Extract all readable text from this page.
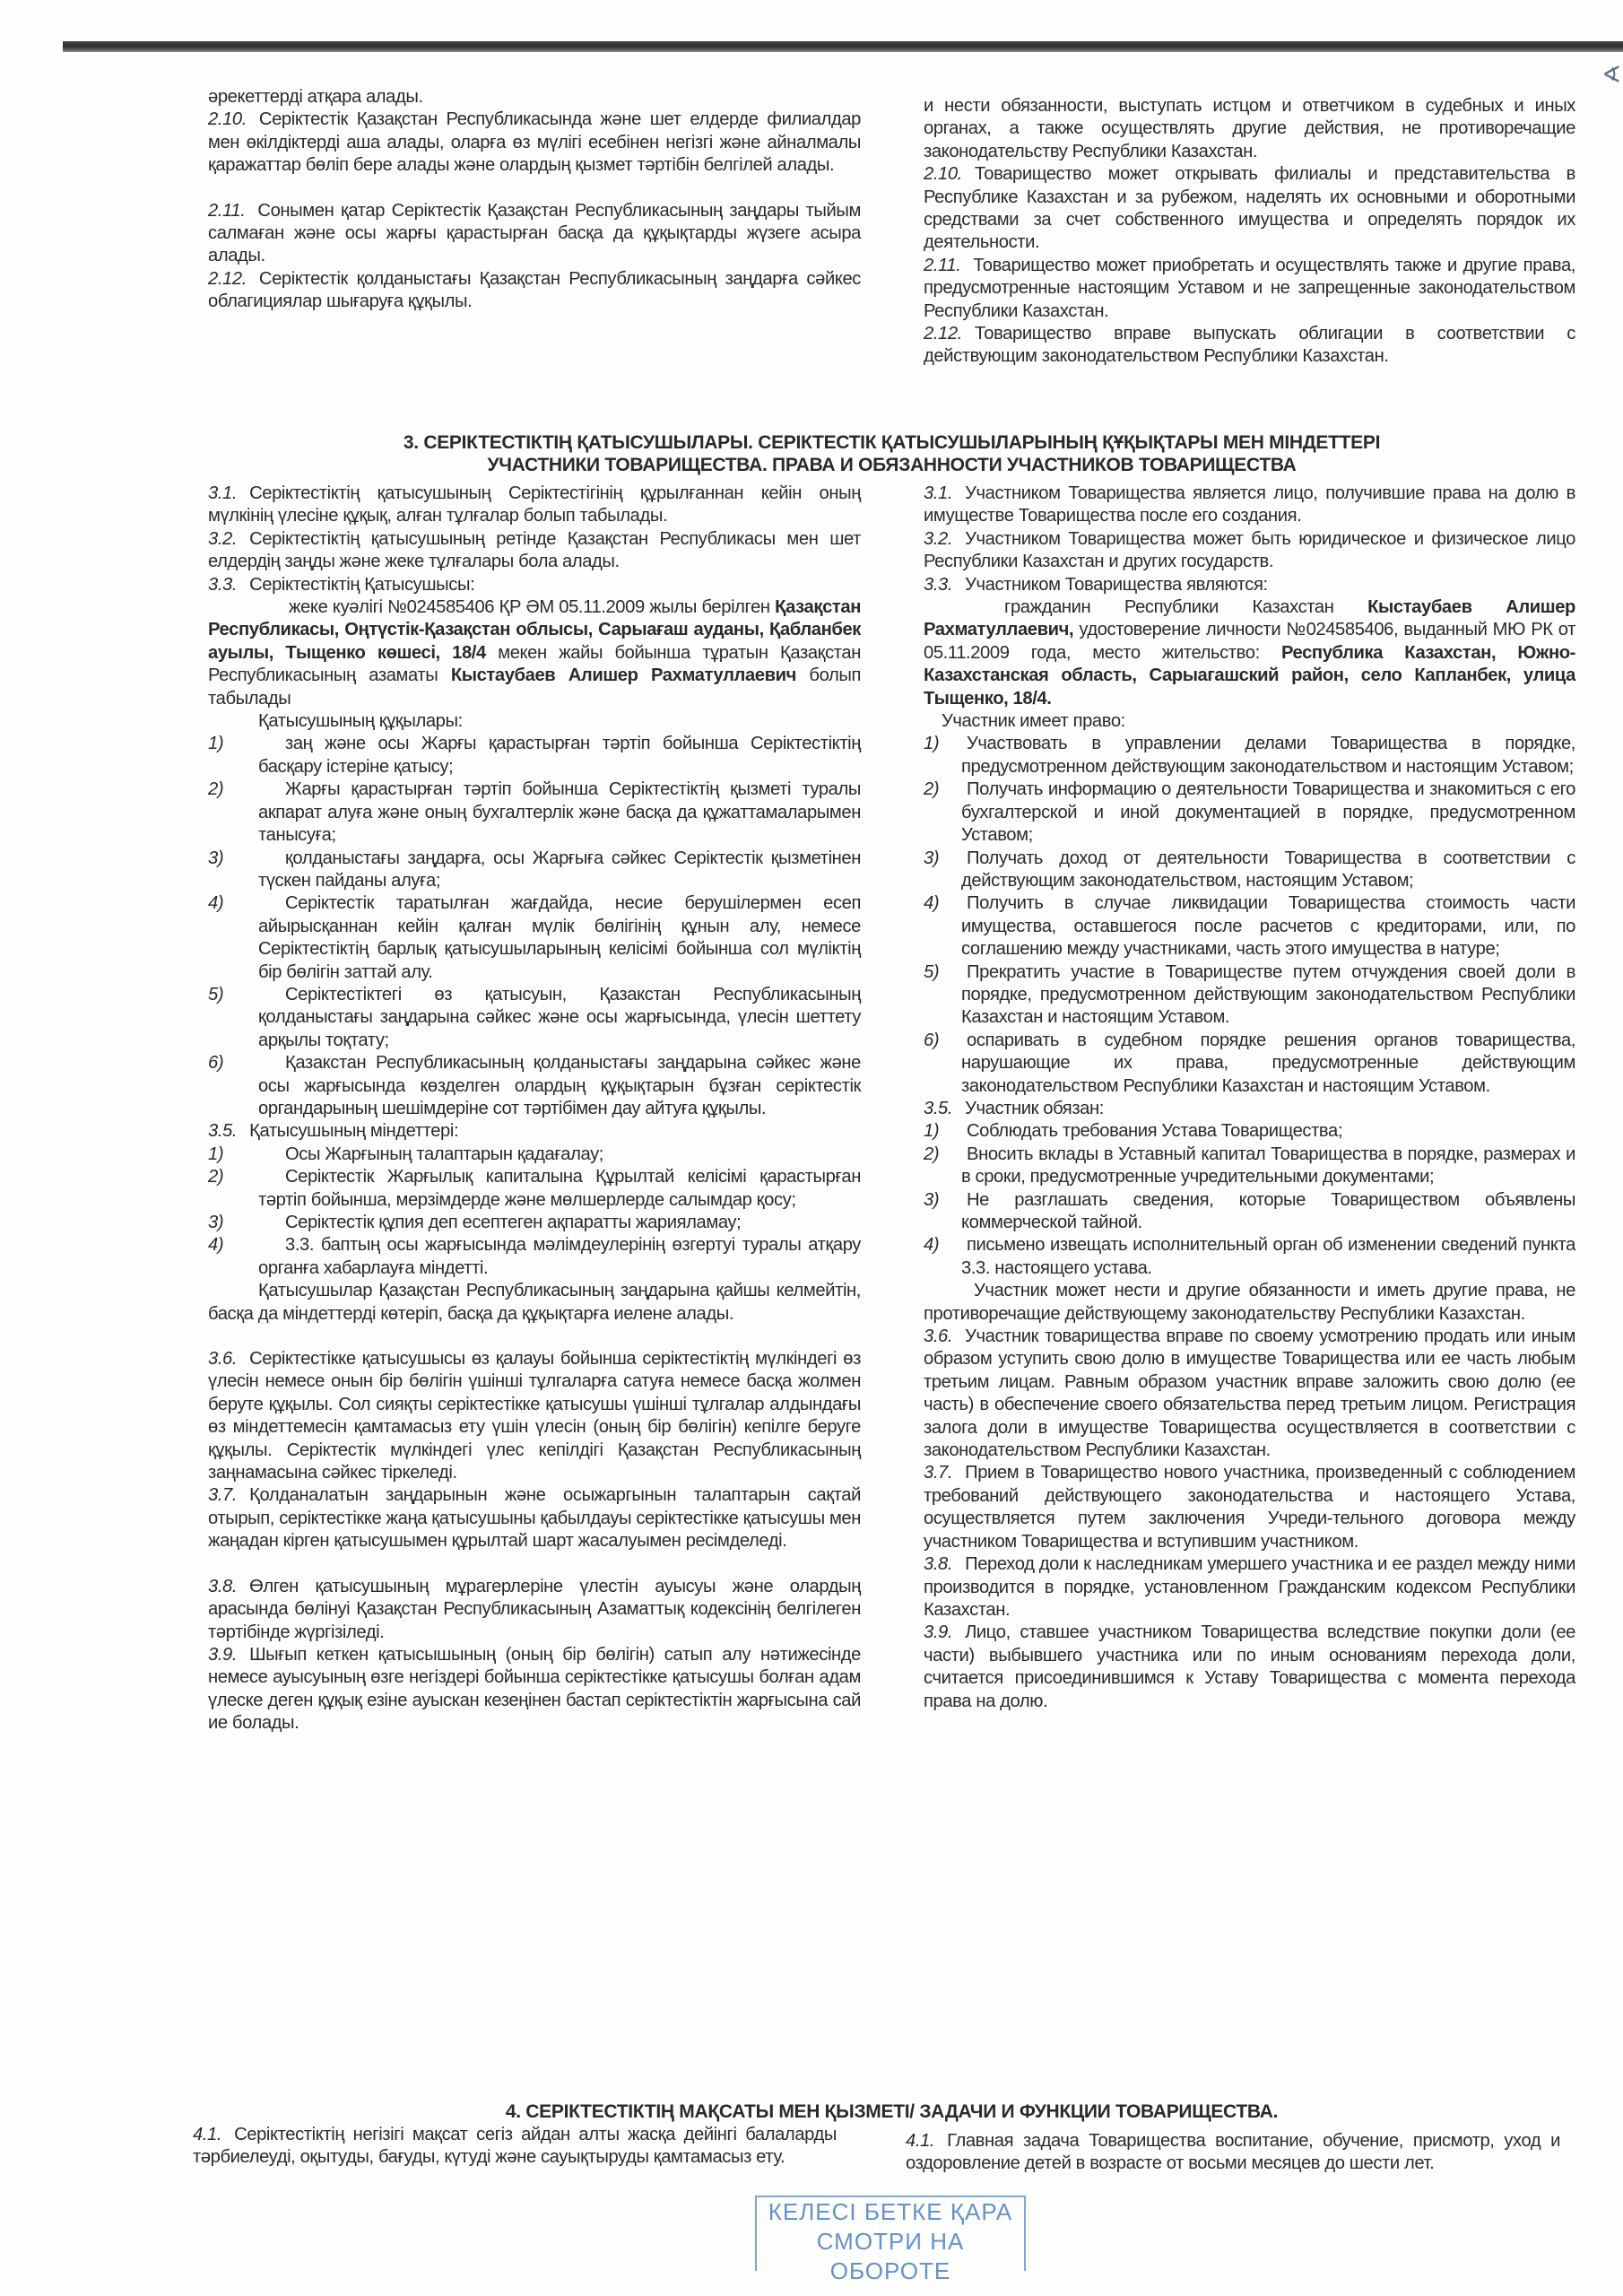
∢

әрекеттерді атқара алады.

2.10. Серіктестік Қазақстан Республикасында және шет елдерде филиалдар мен өкілдіктерді аша алады, оларға өз мүлігі есебінен негізгі және айналмалы қаражаттар бөліп бере алады және олардың қызмет тәртібін белгілей алады.

2.11. Сонымен қатар Серіктестік Қазақстан Республикасының заңдары тыйым салмаған және осы жарғы қарастырған басқа да құқықтарды жүзеге асыра алады.

2.12. Серіктестік қолданыстағы Қазақстан Республикасының заңдарға сәйкес облагициялар шығаруға құқылы.

и нести обязанности, выступать истцом и ответчиком в судебных и иных органах, а также осуществлять другие действия, не противоречащие законодательству Республики Казахстан.

2.10. Товарищество может открывать филиалы и представительства в Республике Казахстан и за рубежом, наделять их основными и оборотными средствами за счет собственного имущества и определять порядок их деятельности.

2.11. Товарищество может приобретать и осуществлять также и другие права, предусмотренные настоящим Уставом и не запрещенные законодательством Республики Казахстан.

2.12. Товарищество вправе выпускать облигации в соответствии с действующим законодательством Республики Казахстан.

3. СЕРІКТЕСТІКТІҢ ҚАТЫСУШЫЛАРЫ. СЕРІКТЕСТІК ҚАТЫСУШЫЛАРЫНЫҢ ҚҰҚЫҚТАРЫ МЕН МІНДЕТТЕРІ
УЧАСТНИКИ ТОВАРИЩЕСТВА. ПРАВА И ОБЯЗАННОСТИ УЧАСТНИКОВ ТОВАРИЩЕСТВА

3.1. Серіктестіктің қатысушының Серіктестігінің құрылғаннан кейін оның мүлкінің үлесіне құқық, алған тұлғалар болып табылады.

3.2. Серіктестіктің қатысушының ретінде Қазақстан Республикасы мен шет елдердің заңды және жеке тұлғалары бола алады.

3.3. Серіктестіктің Қатысушысы:

жеке куәлігі №024585406 ҚР ӘМ 05.11.2009 жылы берілген Қазақстан Республикасы, Оңтүстік-Қазақстан облысы, Сарыағаш ауданы, Қабланбек ауылы, Тыщенко көшесі, 18/4 мекен жайы бойынша тұратын Қазақстан Республикасының азаматы Кыстаубаев Алишер Рахматуллаевич болып табылады

Қатысушының құқылары:

1)	заң және осы Жарғы қарастырған тәртіп бойынша Серіктестіктің басқару істеріне қатысу;
2)	Жарғы қарастырған тәртіп бойынша Серіктестіктің қызметі туралы акпарат алуға және оның бухгалтерлік және басқа да құжаттамаларымен танысуға;
3)	қолданыстағы заңдарға, осы Жарғыға сәйкес Серіктестік қызметінен түскен пайданы алуға;
4)	Серіктестік таратылған жағдайда, несие берушілермен есеп айырысқаннан кейін қалған мүлік бөлігінің құнын алу, немесе Серіктестіктің барлық қатысушыларының келісімі бойынша сол мүліктің бір бөлігін заттай алу.
5)	Серіктестіктегі өз қатысуын, Қазакстан Республикасының қолданыстағы заңдарына сәйкес және осы жарғысында, үлесін шеттету арқылы тоқтату;
6)	Қазакстан Республикасының қолданыстағы заңдарына сәйкес және осы жарғысында көзделген олардың құқықтарын бұзған серіктестік органдарының шешімдеріне сот тәртібімен дау айтуға құқылы.

3.5. Қатысушының міндеттері:

1)	Осы Жарғының талаптарын қадағалау;
2)	Серіктестік Жарғылық капиталына Құрылтай келісімі қарастырған тәртіп бойынша, мерзімдерде және мөлшерлерде салымдар қосу;
3)	Серіктестік құпия деп есептеген ақпаратты жарияламау;
4)	3.3. баптың осы жарғысында мәлімдеулерінің өзгертуі туралы атқару органға хабарлауға міндетті.

Қатысушылар Қазақстан Республикасының заңдарына қайшы келмейтін, басқа да міндеттерді көтеріп, басқа да құқықтарға иелене алады.

3.6. Серіктестікке қатысушысы өз қалауы бойынша серіктестіктің мүлкіндегі өз үлесін немесе онын бір бөлігін үшінші тұлгаларға сатуға немесе басқа жолмен беруте құқылы. Сол сияқты серіктестікке қатысушы үшінші тұлгалар алдындағы өз міндеттемесін қамтамасыз ету үшін үлесін (оның бір бөлігін) кепілге беруге құқылы. Серіктестік мүлкіндегі үлес кепілдігі Қазақстан Республикасының заңнамасына сәйкес тіркеледі.

3.7. Қолданалатын заңдарынын және осыжаргынын талаптарын сақтай отырып, серіктестікке жаңа қатысушыны қабылдауы серіктестікке қатысушы мен жаңадан кірген қатысушымен құрылтай шарт жасалуымен ресімделеді.

3.8. Өлген қатысушының мұрагерлеріне үлестін ауысуы және олардың арасында бөлінуі Қазақстан Республикасының Азаматтық кодексінің белгілеген тәртібінде жүргізіледі.

3.9. Шығып кеткен қатысышының (оның бір бөлігін) сатып алу нәтижесінде немесе ауысуының өзге негіздері бойынша серіктестікке қатысушы болған адам үлеске деген құқық езіне ауыскан кезеңінен бастап серіктестіктін жарғысына сай ие болады.

3.1. Участником Товарищества является лицо, получившие права на долю в имуществе Товарищества после его создания.

3.2. Участником Товарищества может быть юридическое и физическое лицо Республики Казахстан и других государств.

3.3. Участником Товарищества являются:

гражданин Республики Казахстан Кыстаубаев Алишер Рахматуллаевич, удостоверение личности №024585406, выданный МЮ РК от 05.11.2009 года, место жительство: Республика Казахстан, Южно-Казахстанская область, Сарыагашский район, село Капланбек, улица Тыщенко, 18/4.

Участник имеет право:

1)	Участвовать в управлении делами Товарищества в порядке, предусмотренном действующим законодательством и настоящим Уставом;
2)	Получать информацию о деятельности Товарищества и знакомиться с его бухгалтерской и иной документацией в порядке, предусмотренном Уставом;
3)	Получать доход от деятельности Товарищества в соответствии с действующим законодательством, настоящим Уставом;
4)	Получить в случае ликвидации Товарищества стоимость части имущества, оставшегося после расчетов с кредиторами, или, по соглашению между участниками, часть этого имущества в натуре;
5)	Прекратить участие в Товариществе путем отчуждения своей доли в порядке, предусмотренном действующим законодательством Республики Казахстан и настоящим Уставом.
6)	оспаривать в судебном порядке решения органов товарищества, нарушающие их права, предусмотренные действующим законодательством Республики Казахстан и настоящим Уставом.

3.5. Участник обязан:

1)	Соблюдать требования Устава Товарищества;
2)	Вносить вклады в Уставный капитал Товарищества в порядке, размерах и в сроки, предусмотренные учредительными документами;
3)	Не разглашать сведения, которые Товариществом объявлены коммерческой тайной.
4)	письмено извещать исполнительный орган об изменении сведений пункта 3.3. настоящего устава.

Участник может нести и другие обязанности и иметь другие права, не противоречащие действующему законодательству Республики Казахстан.

3.6. Участник товарищества вправе по своему усмотрению продать или иным образом уступить свою долю в имуществе Товарищества или ее часть любым третьим лицам. Равным образом участник вправе заложить свою долю (ее часть) в обеспечение своего обязательства перед третьим лицом. Регистрация залога доли в имуществе Товарищества осуществляется в соответствии с законодательством Республики Казахстан.

3.7. Прием в Товарищество нового участника, произведенный с соблюдением требований действующего законодательства и настоящего Устава, осуществляется путем заключения Учреди-тельного договора между участником Товарищества и вступившим участником.

3.8. Переход доли к наследникам умершего участника и ее раздел между ними производится в порядке, установленном Гражданским кодексом Республики Казахстан.

3.9. Лицо, ставшее участником Товарищества вследствие покупки доли (ее части) выбывшего участника или по иным основаниям перехода доли, считается присоединившимся к Уставу Товарищества с момента перехода права на долю.

4. СЕРІКТЕСТІКТІҢ МАҚСАТЫ МЕН ҚЫЗМЕТІ/ ЗАДАЧИ И ФУНКЦИИ ТОВАРИЩЕСТВА.

4.1. Серіктестіктің негізігі мақсат сегіз айдан алты жасқа дейінгі балаларды тәрбиелеуді, оқытуды, бағуды, күтуді және сауықтыруды қамтамасыз ету.

4.1. Главная задача Товарищества воспитание, обучение, присмотр, уход и оздоровление детей в возрасте от восьми месяцев до шести лет.

КЕЛЕСІ БЕТКЕ ҚАРА
СМОТРИ НА ОБОРОТЕ
